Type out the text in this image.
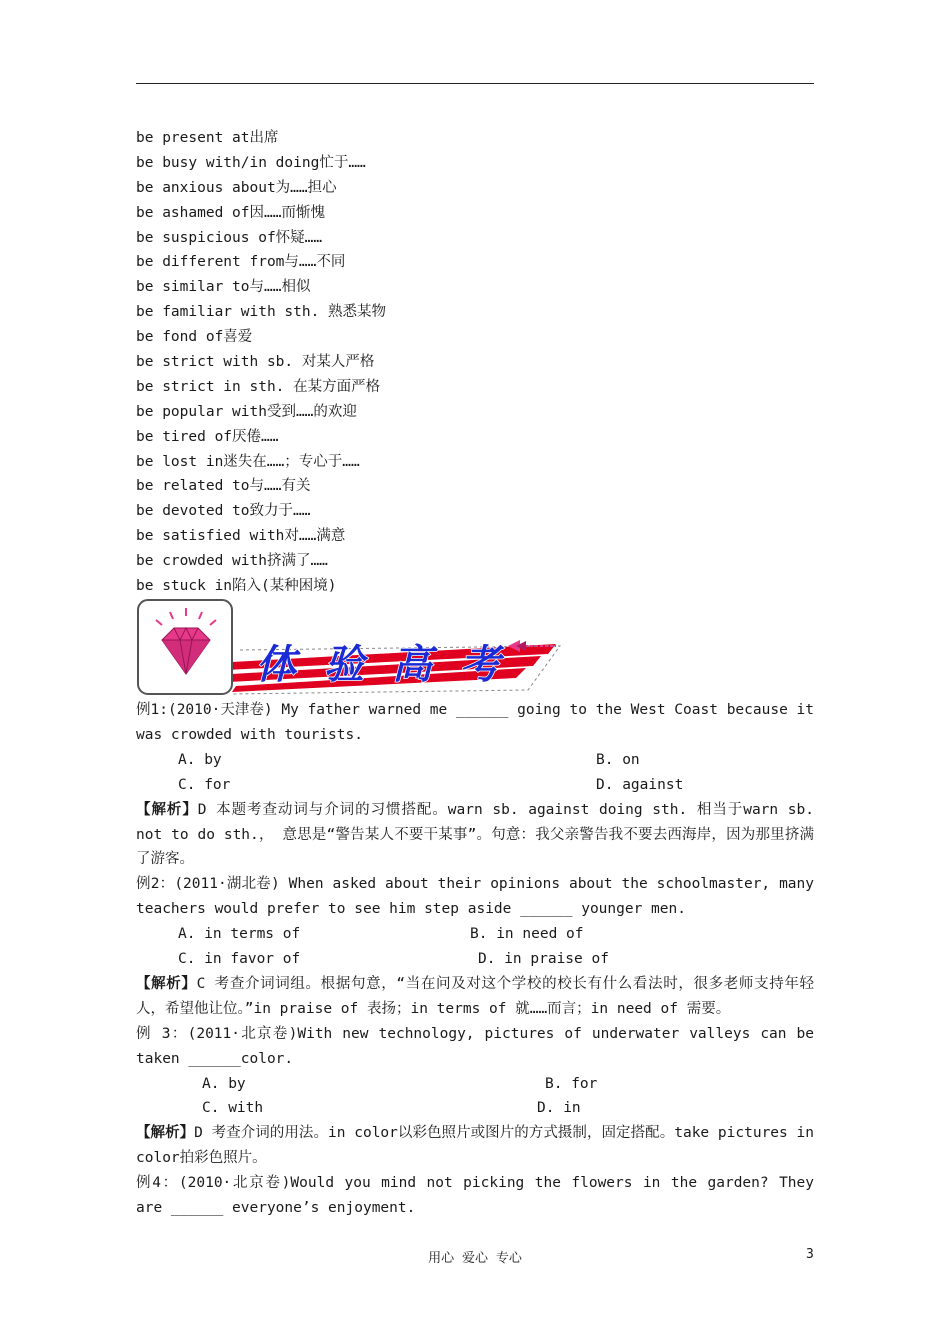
be present at出席
be busy with/in doing忙于……
be anxious about为……担心
be ashamed of因……而惭愧
be suspicious of怀疑……
be different from与……不同
be similar to与……相似
be familiar with sth. 熟悉某物
be fond of喜爱
be strict with sb. 对某人严格
be strict in sth. 在某方面严格
be popular with受到……的欢迎
be tired of厌倦……
be lost in迷失在……；专心于……
be related to与……有关
be devoted to致力于……
be satisfied with对……满意
be crowded with挤满了……
be stuck in陷入(某种困境)
体 验 高 考

例1:(2010·天津卷) My father warned me ______ going to the West Coast because it was crowded with tourists.

A. by

	B. on

C. for

	D. against

【解析】D 本题考查动词与介词的习惯搭配。warn sb. against doing sth. 相当于warn sb. not to do sth.， 意思是“警告某人不要干某事”。句意：我父亲警告我不要去西海岸，因为那里挤满了游客。

例2：(2011·湖北卷) When asked about their opinions about the schoolmaster, many teachers would prefer to see him step aside ______ younger men.

A. in terms of

	B. in need of

C. in favor of

	D. in praise of

【解析】C 考查介词词组。根据句意，“当在问及对这个学校的校长有什么看法时，很多老师支持年轻人，希望他让位。”in praise of 表扬；in terms of 就……而言；in need of 需要。

例 3：(2011·北京卷)With new technology, pictures of underwater valleys can be taken ______color.

A. by

	B. for

C. with

	D. in

【解析】D 考查介词的用法。in color以彩色照片或图片的方式摄制，固定搭配。take pictures in color拍彩色照片。

例4：(2010·北京卷)Would you mind not picking the flowers in the garden? They are ______ everyone’s enjoyment.

用心 爱心 专心	3
